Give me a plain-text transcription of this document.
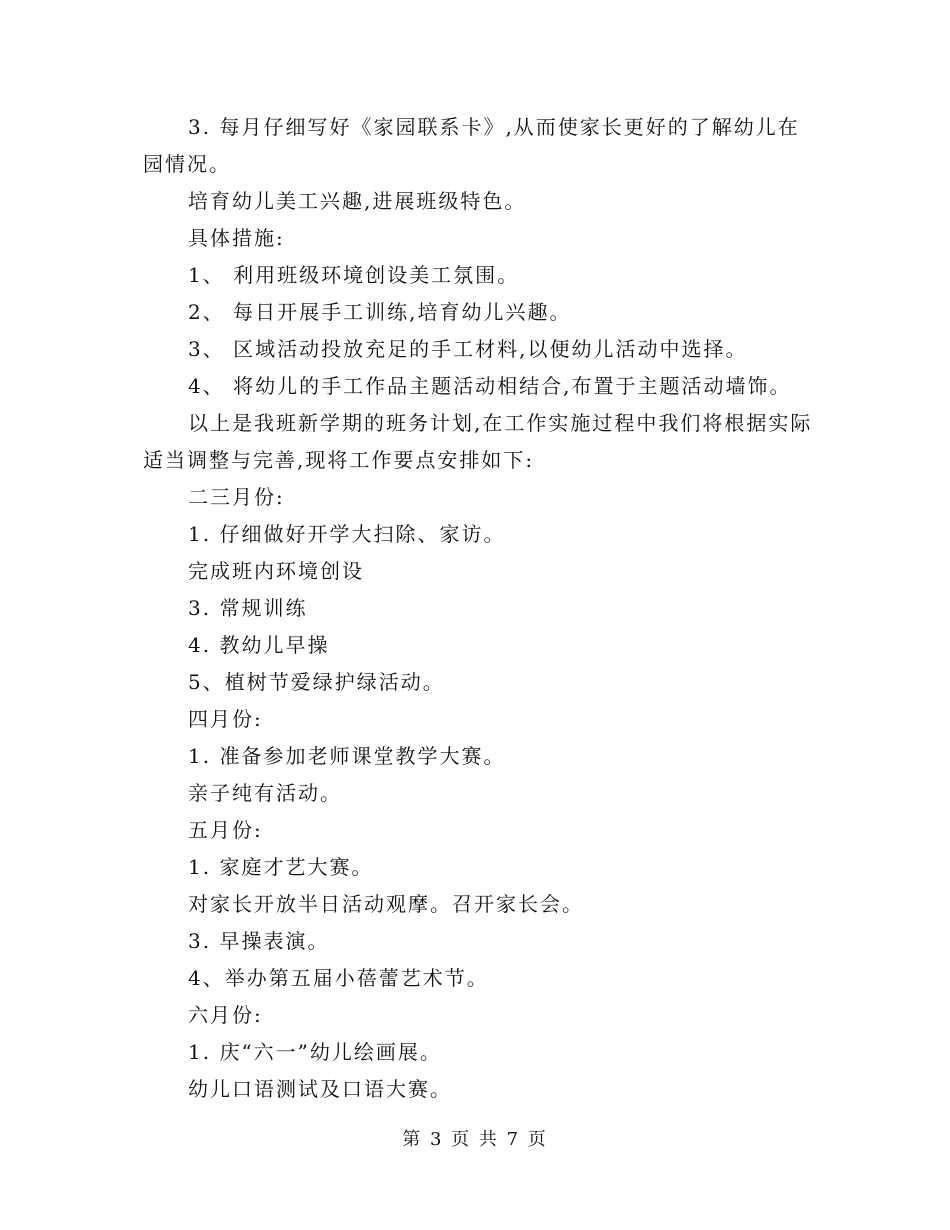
3. 每月仔细写好《家园联系卡》,从而使家长更好的了解幼儿在
园情况。
培育幼儿美工兴趣,进展班级特色。
具体措施:
1、 利用班级环境创设美工氛围。
2、 每日开展手工训练,培育幼儿兴趣。
3、 区域活动投放充足的手工材料,以便幼儿活动中选择。
4、 将幼儿的手工作品主题活动相结合,布置于主题活动墙饰。
以上是我班新学期的班务计划,在工作实施过程中我们将根据实际
适当调整与完善,现将工作要点安排如下:
二三月份:
1. 仔细做好开学大扫除、家访。
完成班内环境创设
3. 常规训练
4. 教幼儿早操
5、植树节爱绿护绿活动。
四月份:
1. 准备参加老师课堂教学大赛。
亲子纯有活动。
五月份:
1. 家庭才艺大赛。
对家长开放半日活动观摩。召开家长会。
3. 早操表演。
4、举办第五届小蓓蕾艺术节。
六月份:
1. 庆“六一”幼儿绘画展。
幼儿口语测试及口语大赛。
第 3 页 共 7 页
